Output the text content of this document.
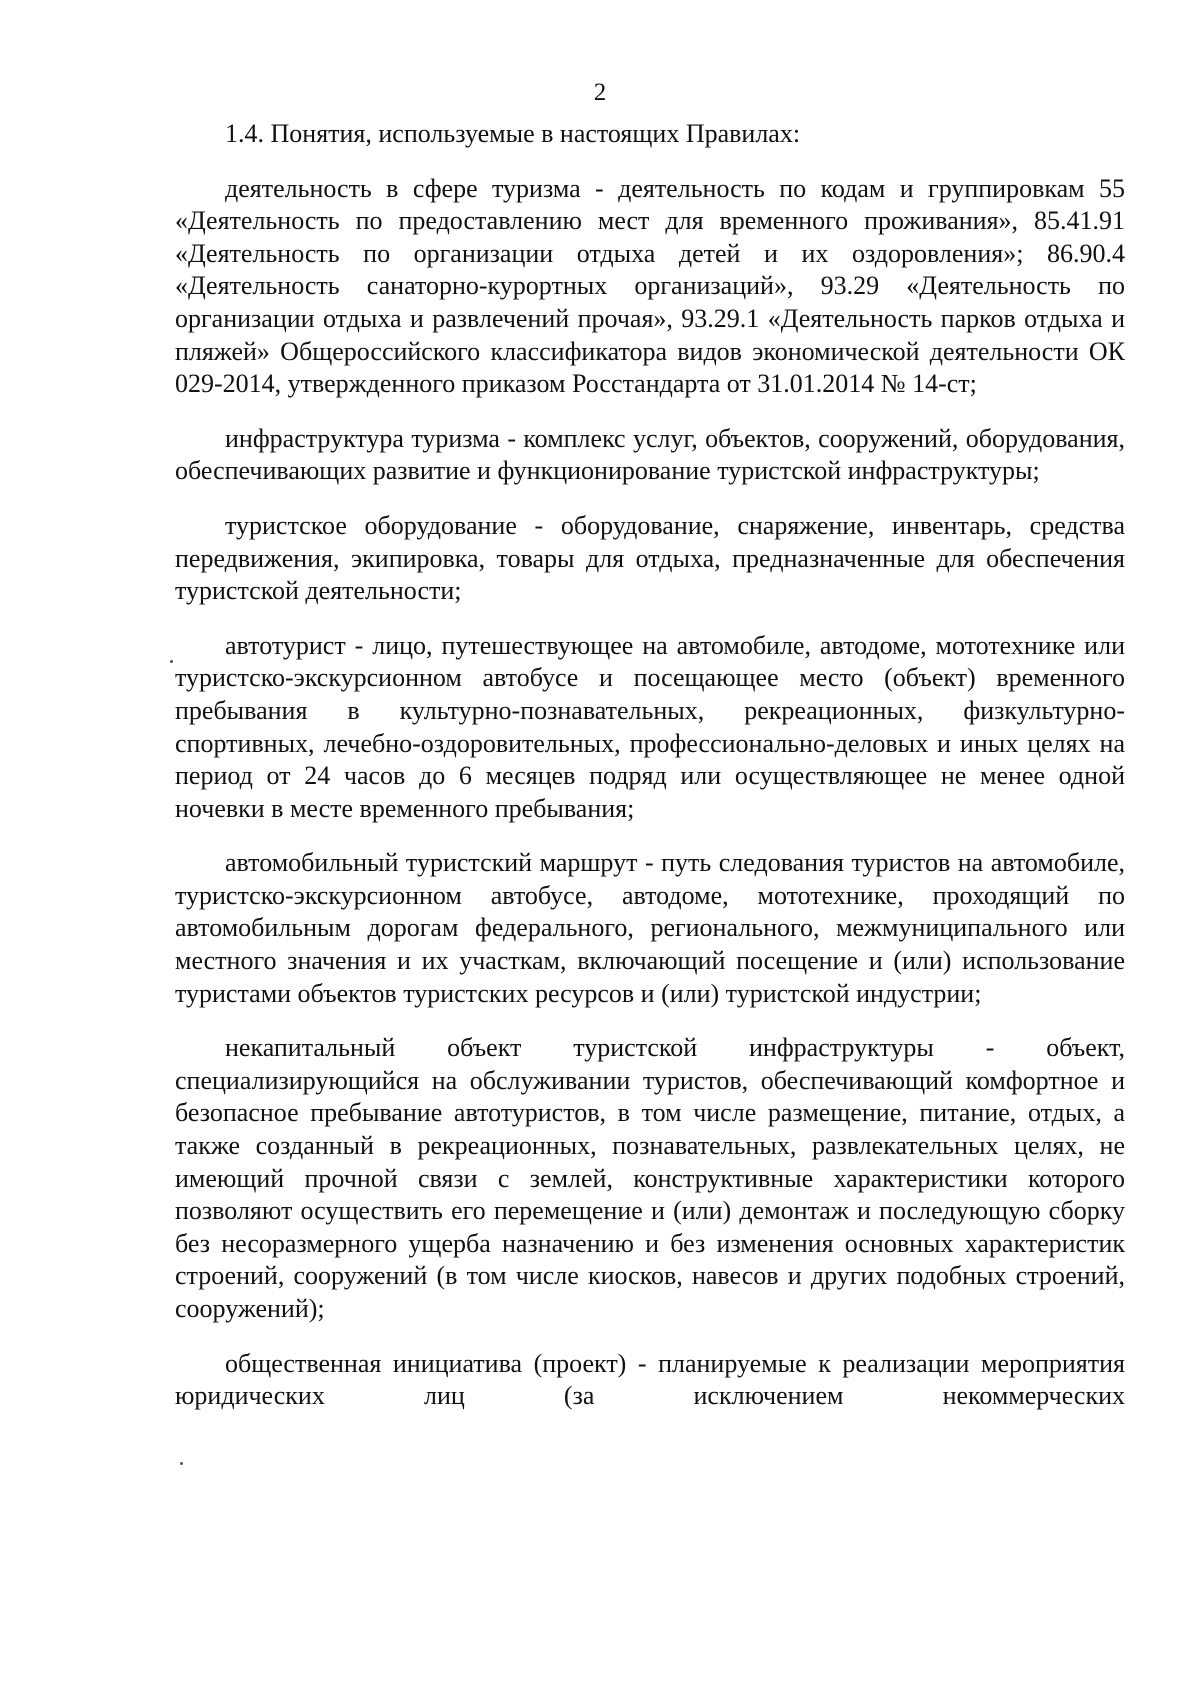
2

1.4. Понятия, используемые в настоящих Правилах:

деятельность в сфере туризма - деятельность по кодам и группировкам 55 «Деятельность по предоставлению мест для временного проживания», 85.41.91 «Деятельность по организации отдыха детей и их оздоровления»; 86.90.4 «Деятельность санаторно-курортных организаций», 93.29 «Деятельность по организации отдыха и развлечений прочая», 93.29.1 «Деятельность парков отдыха и пляжей» Общероссийского классификатора видов экономической деятельности ОК 029-2014, утвержденного приказом Росстандарта от 31.01.2014 № 14-ст;

инфраструктура туризма - комплекс услуг, объектов, сооружений, оборудования, обеспечивающих развитие и функционирование туристской инфраструктуры;

туристское оборудование - оборудование, снаряжение, инвентарь, средства передвижения, экипировка, товары для отдыха, предназначенные для обеспечения туристской деятельности;

автотурист - лицо, путешествующее на автомобиле, автодоме, мототехнике или туристско-экскурсионном автобусе и посещающее место (объект) временного пребывания в культурно-познавательных, рекреационных, физкультурно-спортивных, лечебно-оздоровительных, профессионально-деловых и иных целях на период от 24 часов до 6 месяцев подряд или осуществляющее не менее одной ночевки в месте временного пребывания;

автомобильный туристский маршрут - путь следования туристов на автомобиле, туристско-экскурсионном автобусе, автодоме, мототехнике, проходящий по автомобильным дорогам федерального, регионального, межмуниципального или местного значения и их участкам, включающий посещение и (или) использование туристами объектов туристских ресурсов и (или) туристской индустрии;

некапитальный объект туристской инфраструктуры - объект, специализирующийся на обслуживании туристов, обеспечивающий комфортное и безопасное пребывание автотуристов, в том числе размещение, питание, отдых, а также созданный в рекреационных, познавательных, развлекательных целях, не имеющий прочной связи с землей, конструктивные характеристики которого позволяют осуществить его перемещение и (или) демонтаж и последующую сборку без несоразмерного ущерба назначению и без изменения основных характеристик строений, сооружений (в том числе киосков, навесов и других подобных строений, сооружений);

общественная инициатива (проект) - планируемые к реализации мероприятия юридических лиц (за исключением некоммерческих
